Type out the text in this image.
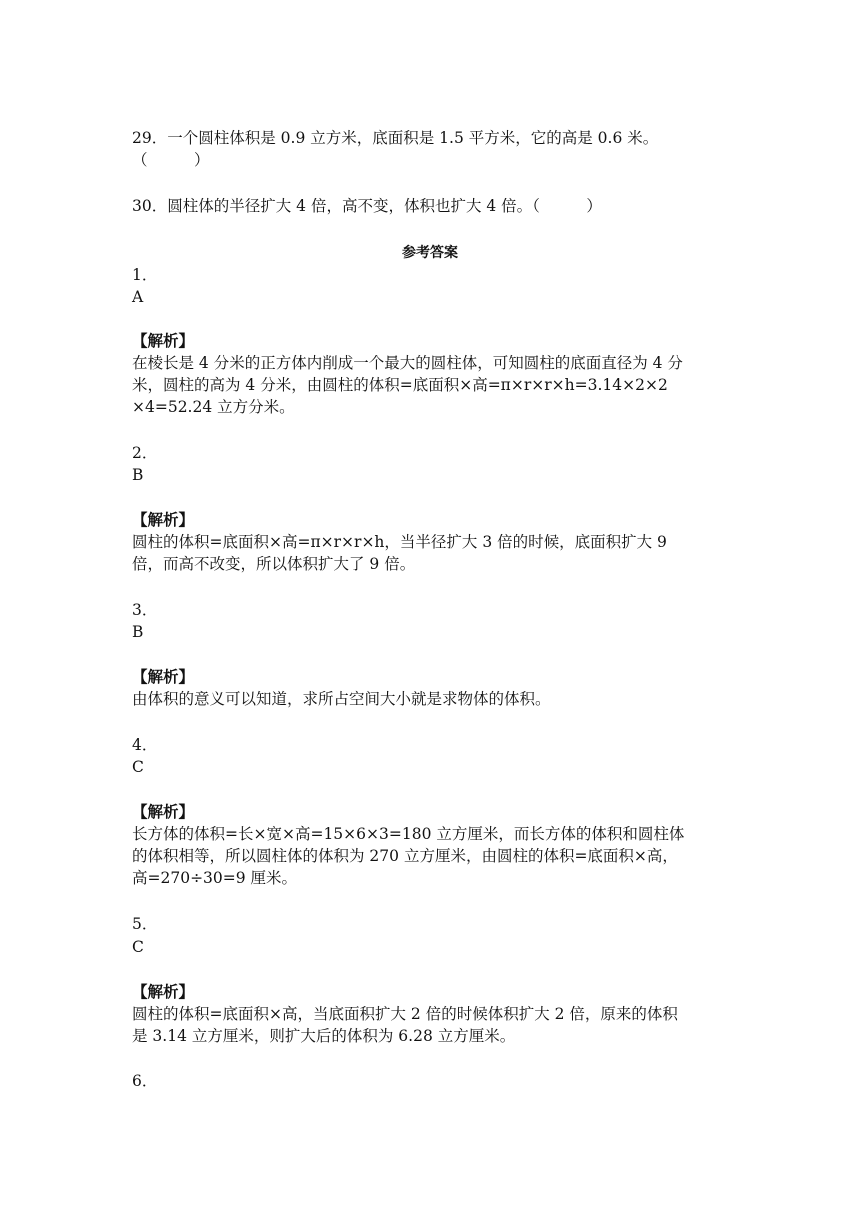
29．一个圆柱体积是 0.9 立方米，底面积是 1.5 平方米，它的高是 0.6 米。
（　　　）
30．圆柱体的半径扩大 4 倍，高不变，体积也扩大 4 倍。（　　　）
参考答案
1．
A
【解析】
在棱长是 4 分米的正方体内削成一个最大的圆柱体，可知圆柱的底面直径为 4 分
米，圆柱的高为 4 分米，由圆柱的体积=底面积×高=π×r×r×h=3.14×2×2
×4=52.24 立方分米。
2．
B
【解析】
圆柱的体积=底面积×高=π×r×r×h，当半径扩大 3 倍的时候，底面积扩大 9
倍，而高不改变，所以体积扩大了 9 倍。
3．
B
【解析】
由体积的意义可以知道，求所占空间大小就是求物体的体积。
4．
C
【解析】
长方体的体积=长×宽×高=15×6×3=180 立方厘米，而长方体的体积和圆柱体
的体积相等，所以圆柱体的体积为 270 立方厘米，由圆柱的体积=底面积×高，
高=270÷30=9 厘米。
5．
C
【解析】
圆柱的体积=底面积×高，当底面积扩大 2 倍的时候体积扩大 2 倍，原来的体积
是 3.14 立方厘米，则扩大后的体积为 6.28 立方厘米。
6．
